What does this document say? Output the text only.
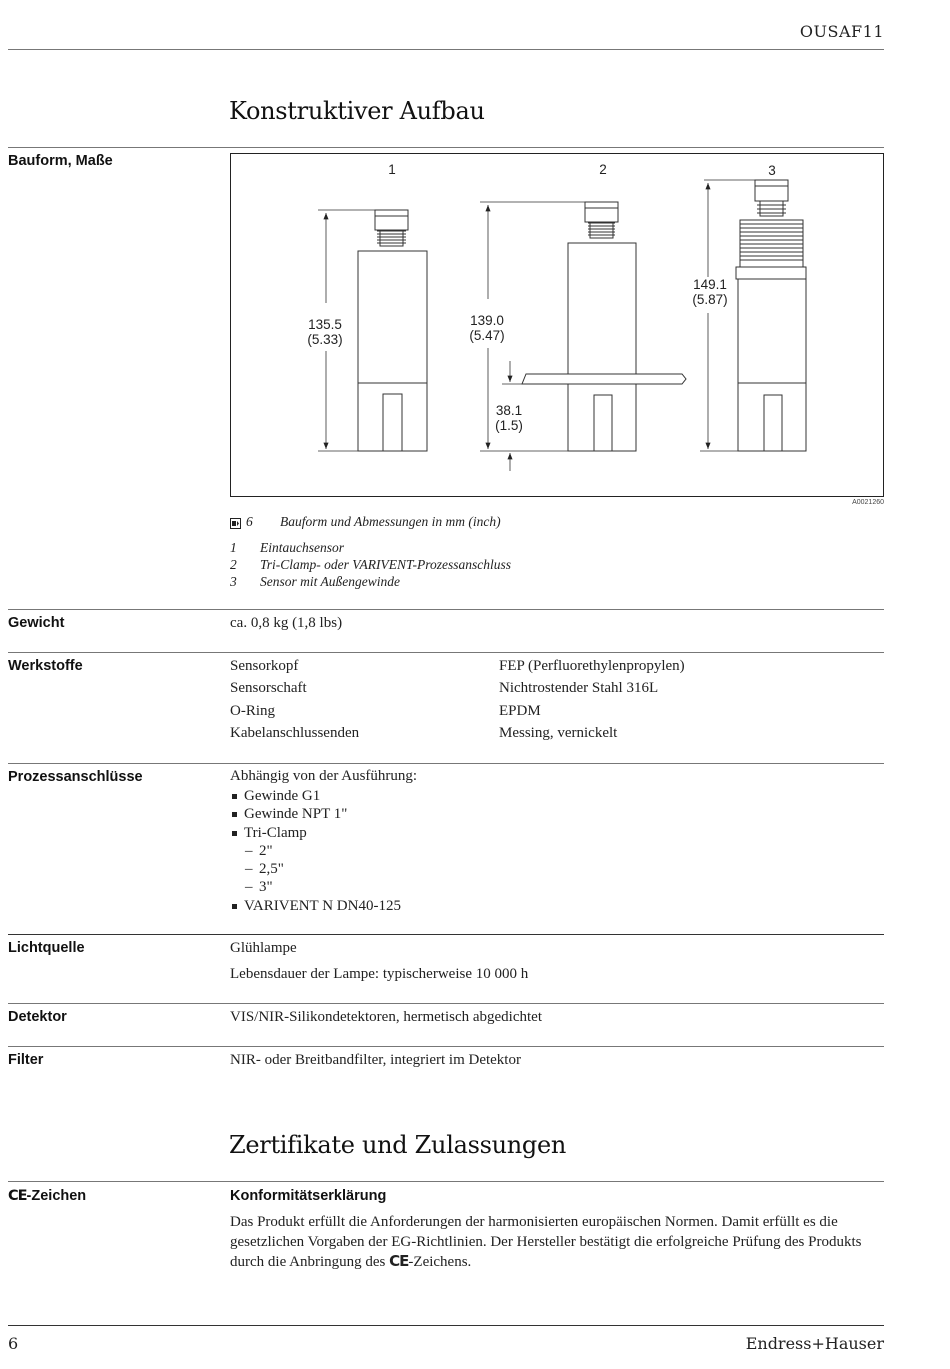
OUSAF11
Konstruktiver Aufbau
Bauform, Maße
1	2	3
135.5
(5.33)
139.0
(5.47)
38.1
(1.5)
149.1
(5.87)
A0021260
6 Bauform und Abmessungen in mm (inch)
1 Eintauchsensor
2 Tri-Clamp- oder VARIVENT-Prozessanschluss
3 Sensor mit Außengewinde
Gewicht	ca. 0,8 kg (1,8 lbs)
Werkstoffe	Sensorkopf	FEP (Perfluorethylenpropylen)
Sensorschaft	Nichtrostender Stahl 316L
O-Ring	EPDM
Kabelanschlussenden	Messing, vernickelt
Prozessanschlüsse	Abhängig von der Ausführung:
Gewinde G1
Gewinde NPT 1"
Tri-Clamp
– 2"
– 2,5"
– 3"
VARIVENT N DN40-125
Lichtquelle	Glühlampe
Lebensdauer der Lampe: typischerweise 10 000 h
Detektor	VIS/NIR-Silikondetektoren, hermetisch abgedichtet
Filter	NIR- oder Breitbandfilter, integriert im Detektor
Zertifikate und Zulassungen
CE-Zeichen	Konformitätserklärung
Das Produkt erfüllt die Anforderungen der harmonisierten europäischen Normen. Damit erfüllt es die gesetzlichen Vorgaben der EG-Richtlinien. Der Hersteller bestätigt die erfolgreiche Prüfung des Produkts durch die Anbringung des CE-Zeichens.
6	Endress+Hauser
